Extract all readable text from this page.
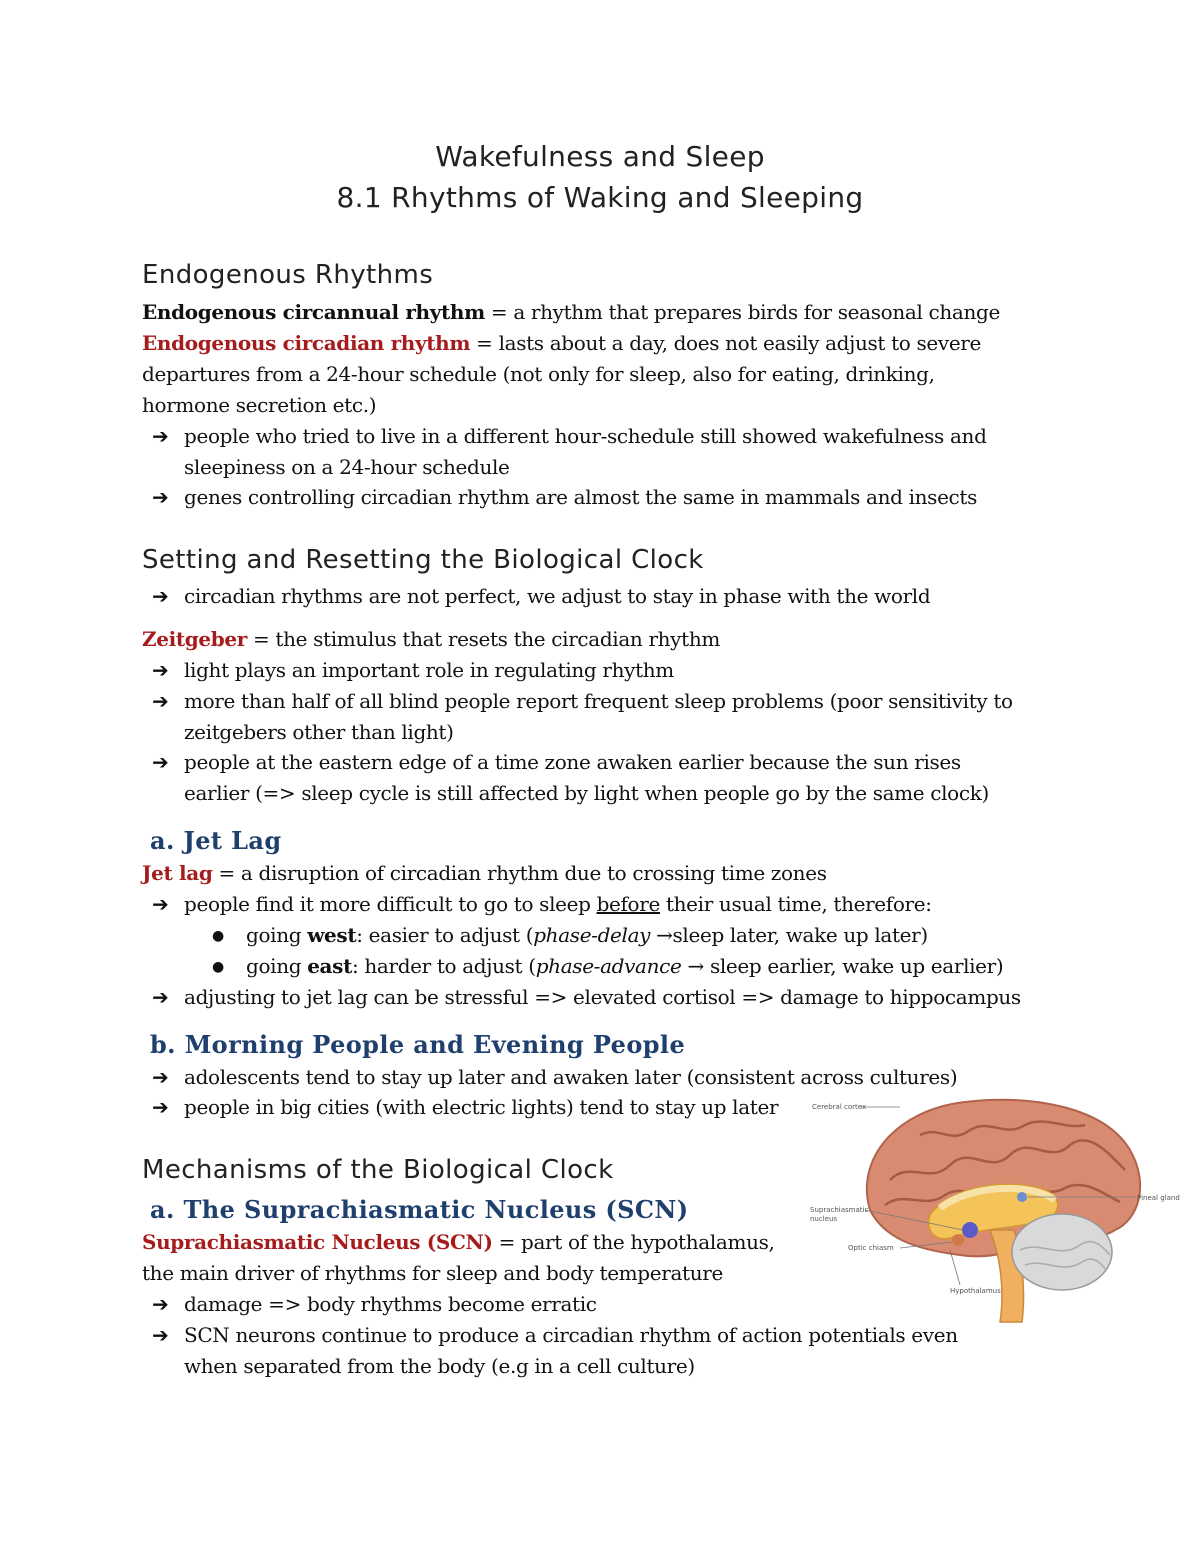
Wakefulness and Sleep
8.1 Rhythms of Waking and Sleeping
Endogenous Rhythms
Endogenous circannual rhythm = a rhythm that prepares birds for seasonal change
Endogenous circadian rhythm = lasts about a day, does not easily adjust to severe
departures from a 24-hour schedule (not only for sleep, also for eating, drinking,
hormone secretion etc.)
➔ people who tried to live in a different hour-schedule still showed wakefulness and
sleepiness on a 24-hour schedule
➔ genes controlling circadian rhythm are almost the same in mammals and insects
Setting and Resetting the Biological Clock
➔ circadian rhythms are not perfect, we adjust to stay in phase with the world
Zeitgeber = the stimulus that resets the circadian rhythm
➔ light plays an important role in regulating rhythm
➔ more than half of all blind people report frequent sleep problems (poor sensitivity to
zeitgebers other than light)
➔ people at the eastern edge of a time zone awaken earlier because the sun rises
earlier (=> sleep cycle is still affected by light when people go by the same clock)
a. Jet Lag
Jet lag = a disruption of circadian rhythm due to crossing time zones
➔ people find it more difficult to go to sleep before their usual time, therefore:
● going west: easier to adjust (phase-delay →sleep later, wake up later)
● going east: harder to adjust (phase-advance → sleep earlier, wake up earlier)
➔ adjusting to jet lag can be stressful => elevated cortisol => damage to hippocampus
b. Morning People and Evening People
➔ adolescents tend to stay up later and awaken later (consistent across cultures)
➔ people in big cities (with electric lights) tend to stay up later
Mechanisms of the Biological Clock
a. The Suprachiasmatic Nucleus (SCN)
Suprachiasmatic Nucleus (SCN) = part of the hypothalamus,
the main driver of rhythms for sleep and body temperature
➔ damage => body rhythms become erratic
➔ SCN neurons continue to produce a circadian rhythm of action potentials even
when separated from the body (e.g in a cell culture)
Cerebral cortex
Suprachiasmatic
nucleus
Optic chiasm
Pineal gland
Hypothalamus
